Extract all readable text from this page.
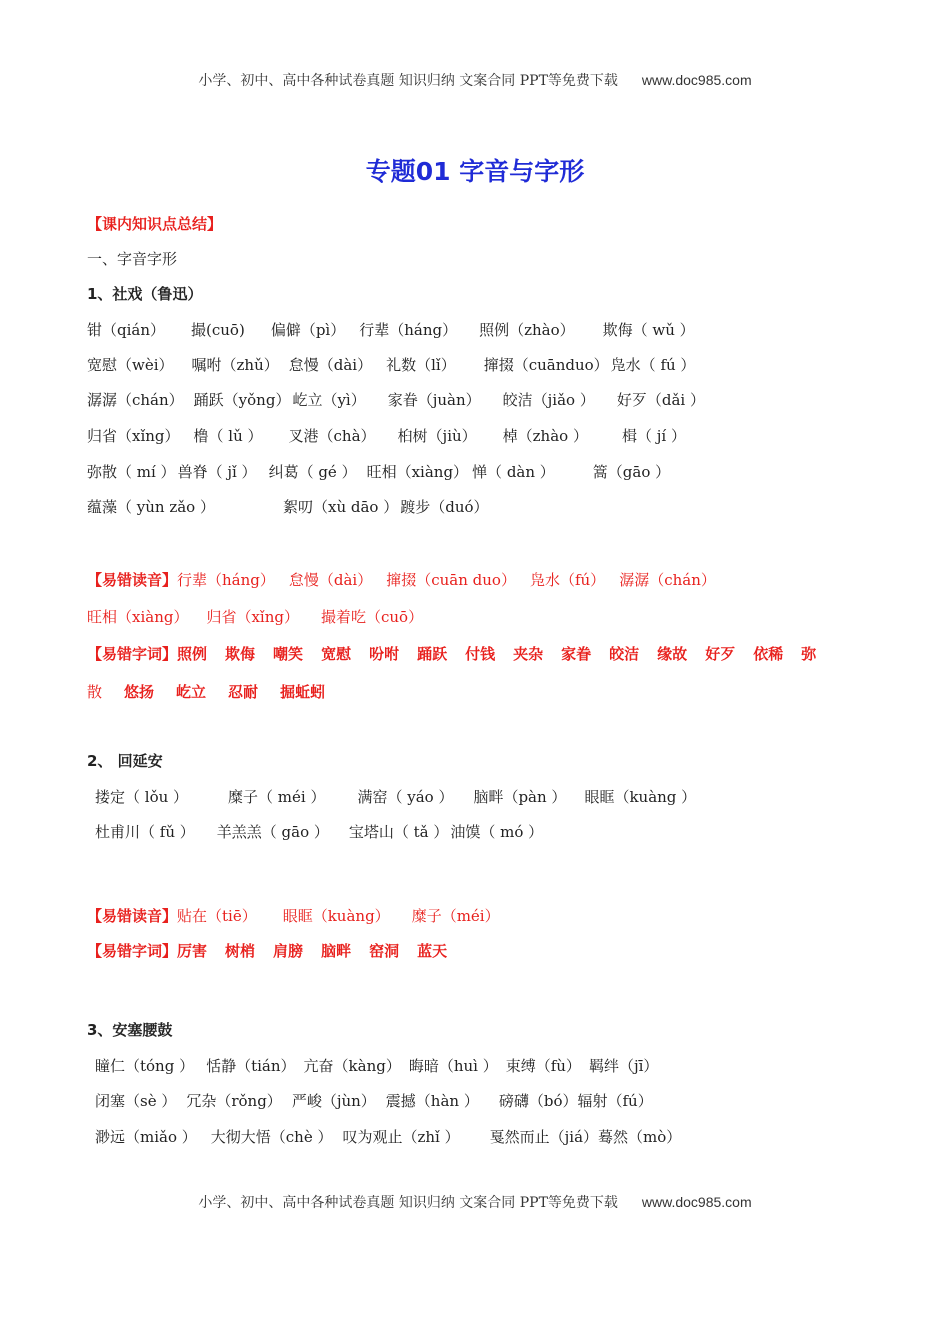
小学、初中、高中各种试卷真题 知识归纳 文案合同 PPT等免费下载 www.doc985.com
专题01 字音与字形
【课内知识点总结】
一、字音字形
1、社戏（鲁迅）
钳（qián） 撮(cuō) 偏僻（pì） 行辈（háng） 照例（zhào） 欺侮（ wǔ ）
宽慰（wèi） 嘱咐（zhǔ） 怠慢（dài） 礼数（lǐ） 撺掇（cuānduo） 凫水（ fú ）
潺潺（chán） 踊跃（yǒng） 屹立（yì） 家眷（juàn） 皎洁（jiǎo ） 好歹（dǎi ）
归省（xǐng） 橹（ lǔ ） 叉港（chà） 桕树（jiù） 棹（zhào ） 楫（ jí ）
弥散（ mí ） 兽脊（ jǐ ） 纠葛（ gé ） 旺相（xiàng） 惮（ dàn ）	篙（gāo ）
蕴藻（ yùn zǎo ）	絮叨（xù dāo ） 踱步（duó）
【易错读音】行辈（háng） 怠慢（dài） 撺掇（cuān duo） 凫水（fú） 潺潺（chán）
旺相（xiàng） 归省（xǐng） 撮着吃（cuō）
【易错字词】照例 欺侮 嘲笑 宽慰 吩咐 踊跃 付钱 夹杂 家眷 皎洁 缘故 好歹 依稀 弥
散 悠扬 屹立 忍耐 掘蚯蚓
2、 回延安
搂定（ lǒu ）	糜子（ méi ） 满窑（ yáo ） 脑畔（pàn ） 眼眶（kuàng ）
杜甫川（ fǔ ） 羊羔羔（ gāo ） 宝塔山（ tǎ ） 油馍（ mó ）
【易错读音】贴在（tiē） 眼眶（kuàng） 糜子（méi）
【易错字词】厉害 树梢 肩膀 脑畔 窑洞 蓝天
3、安塞腰鼓
瞳仁（tóng ） 恬静（tián） 亢奋（kàng） 晦暗（huì ） 束缚（fù） 羁绊（jī）
闭塞（sè ） 冗杂（rǒng） 严峻（jùn） 震撼（hàn ） 磅礴（bó）辐射（fú）
渺远（miǎo ） 大彻大悟（chè ） 叹为观止（zhǐ ） 戛然而止（jiá）蓦然（mò）
小学、初中、高中各种试卷真题 知识归纳 文案合同 PPT等免费下载 www.doc985.com
